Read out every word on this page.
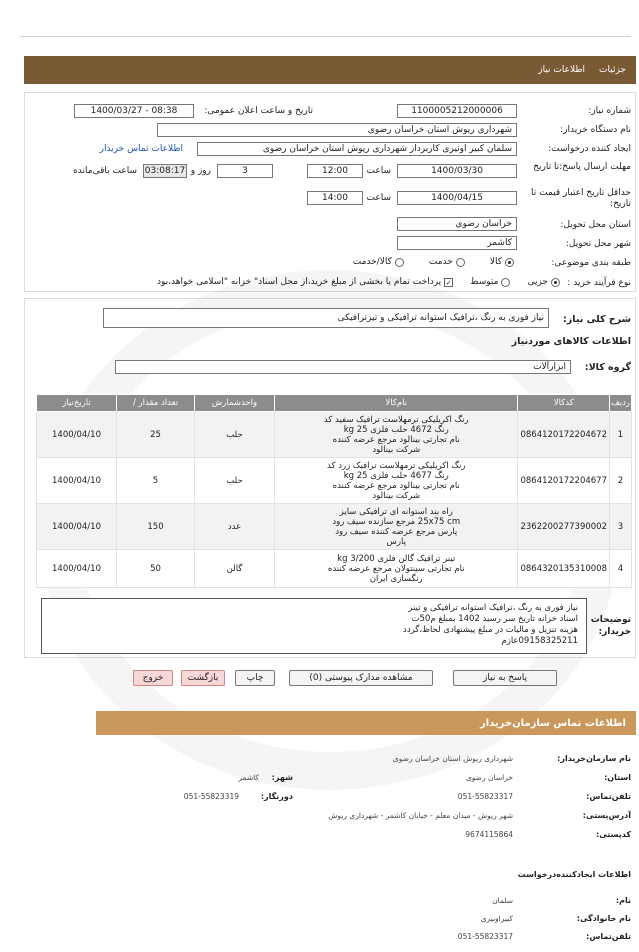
جزئیات
اطلاعات نیاز
شماره نیاز:
1100005212000006
تاریخ و ساعت اعلان عمومی:
1400/03/27 - 08:38
نام دستگاه خریدار:
شهرداری ریوش استان خراسان رضوی
ایجاد کننده درخواست:
سلمان کبیر اونیری کاربرداز شهرداری ریوش استان خراسان رضوی
اطلاعات تماس خریدار
مهلت ارسال پاسخ:تا تاریخ
1400/03/30
ساعت
12:00
3
روز و
03:08:17
ساعت باقی‌مانده
حداقل تاریخ اعتبار قیمت تا تاریخ:
1400/04/15
ساعت
14:00
استان محل تحویل:
خراسان رضوی
شهر محل تحویل:
کاشمر
طبقه بندی موضوعی:
کالا
خدمت
کالا/خدمت
نوع فرآیند خرید :
جزیی
متوسط
✓
پرداخت تمام یا بخشی از مبلغ خرید،از محل اسناد" خزانه "اسلامی خواهد،بود
شرح کلی نیاز:
نیاز فوری به رنگ ،ترافیک استوانه ترافیکی و تیزترافیکی
اطلاعات کالاهای موردنیاز
گروه کالا:
ابزارآلات
ردیف	کدکالا	نام‌کالا	واحدشمارش	تعداد مقدار /	تاریخ‌نیاز
1	0864120172204672	رنگ اکریلیکی ترمهلاست ترافیک سفید کد
رنگ 4672 حلب فلزی 25 kg
نام تجارتی بینالود مرجع عرضه کننده
شرکت بینالود	حلب	25	1400/04/10
2	0864120172204677	رنگ اکریلیکی ترمهلاست ترافیک زرد کد
رنگ 4677 حلب فلزی 25 kg
نام تجارتی بینالود مرجع عرضه کننده
شرکت بینالود	حلب	5	1400/04/10
3	2362200277390002	راه بند استوانه ای ترافیکی سایز
25x75 cm مرجع سازنده سیف رود
پارس مرجع عرضه کننده سیف رود
پارس	عدد	150	1400/04/10
4	0864320135310008	تینر ترافیک گالن فلزی 3/200 kg
نام تجارتی سینتولان مرجع عرضه کننده
رنگسازی ایران	گالن	50	1400/04/10
توضیحات خریدار:
نیاز فوری به رنگ ،ترافیک استوانه ترافیکی و تینر
اسناد خزانه تاریخ سر رسید 1402 بمبلغ م50ت
هزینه تنزیل و مالیات در مبلغ پیشنهادی لحاظ،گردد
09158325211عازم
پاسخ به نیاز
مشاهده مدارک پیوستی (0)
چاپ
بازگشت
خروج
اطلاعات تماس سازمان‌خریدار
نام سازمان‌خریدار:
شهرداری ریوش استان خراسان رضوی
استان:
خراسان رضوی
شهر:
کاشمر
تلفن‌تماس:
051-55823317
دورنگار:
051-55823319
آدرس‌پستی:
شهر ریوش - میدان معلم - خیابان کاشمر - شهرداری ریوش
کدپستی:
9674115864
اطلاعات ایجادکننده‌درخواست
نام:
سلمان
نام خانوادگی:
کبیراونیری
تلفن‌تماس:
051-55823317
